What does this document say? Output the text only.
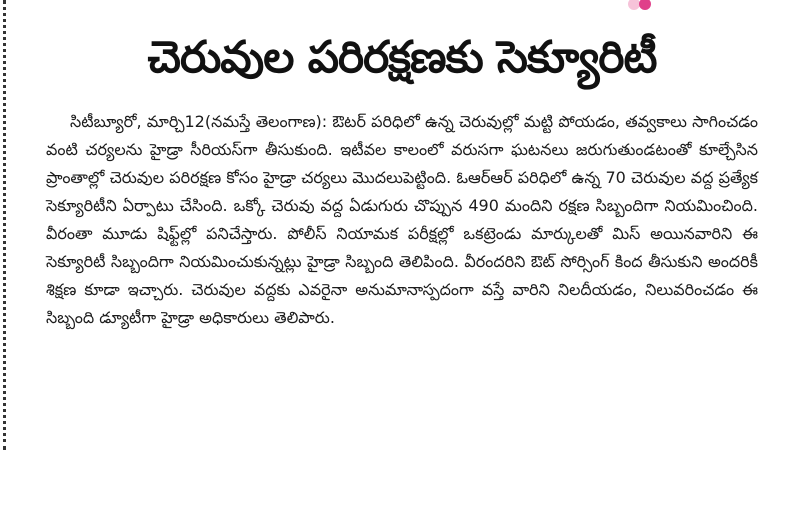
చెరువుల పరిరక్షణకు సెక్యూరిటీ

సిటీబ్యూరో, మార్చి12(నమస్తే తెలంగాణ): ఔటర్ పరిధిలో ఉన్న చెరువుల్లో మట్టి పోయడం, తవ్వకాలు సాగించడం వంటి చర్యలను హైడ్రా సీరియస్‌గా తీసుకుంది. ఇటీవల కాలంలో వరుసగా ఘటనలు జరుగుతుండటంతో కూల్చేసిన ప్రాంతాల్లో చెరువుల పరిరక్షణ కోసం హైడ్రా చర్యలు మొదలుపెట్టింది. ఓఆర్ఆర్ పరిధిలో ఉన్న 70 చెరువుల వద్ద ప్రత్యేక సెక్యూరిటీని ఏర్పాటు చేసింది. ఒక్కో చెరువు వద్ద ఏడుగురు చొప్పున 490 మందిని రక్షణ సిబ్బందిగా నియమించింది. వీరంతా మూడు షిఫ్ట్‌ల్లో పనిచేస్తారు. పోలీస్ నియామక పరీక్షల్లో ఒకట్రెండు మార్కులతో మిస్ అయినవారిని ఈ సెక్యూరిటీ సిబ్బందిగా నియమించుకున్నట్లు హైడ్రా సిబ్బంది తెలిపింది. వీరందరిని ఔట్ సోర్సింగ్ కింద తీసుకుని అందరికీ శిక్షణ కూడా ఇచ్చారు. చెరువుల వద్దకు ఎవరైనా అనుమానాస్పదంగా వస్తే వారిని నిలదీయడం, నిలువరించడం ఈ సిబ్బంది డ్యూటీగా హైడ్రా అధికారులు తెలిపారు.
